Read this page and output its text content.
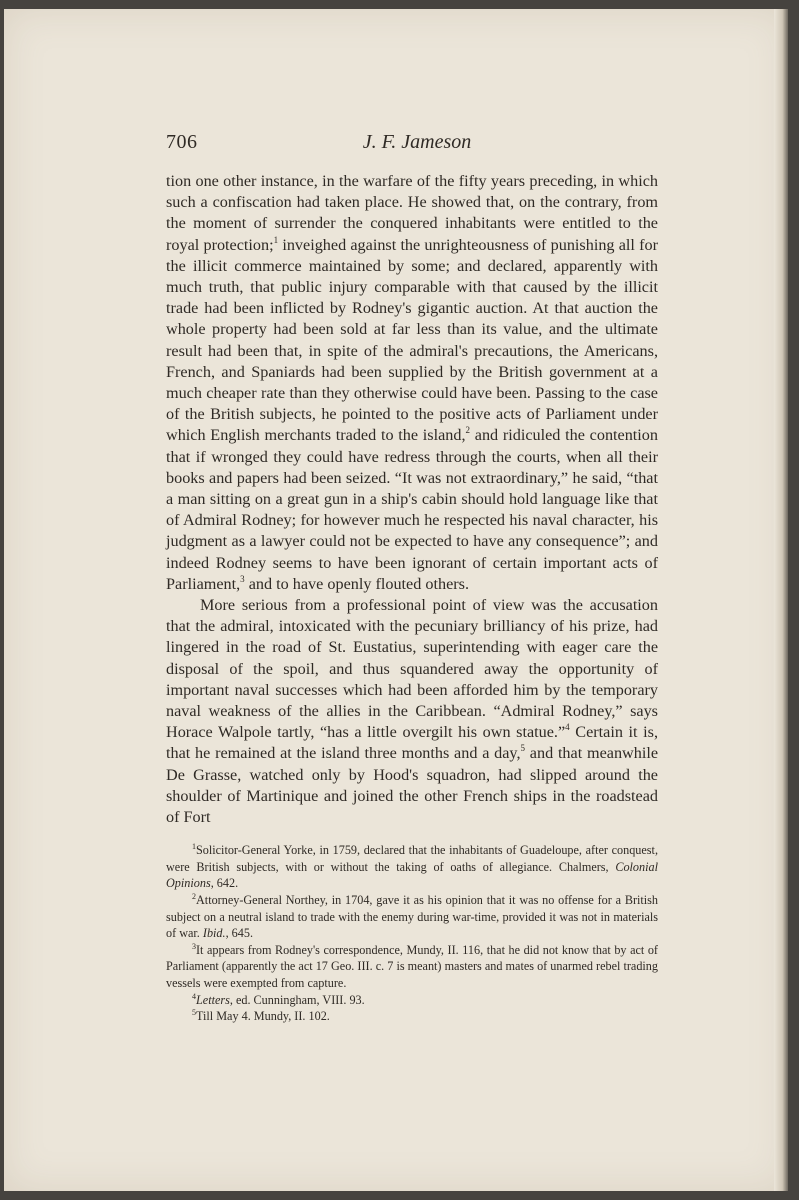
706	J. F. Jameson

tion one other instance, in the warfare of the fifty years preceding, in which such a confiscation had taken place. He showed that, on the contrary, from the moment of surrender the conquered inhabitants were entitled to the royal protection;$^1$ inveighed against the unrighteousness of punishing all for the illicit commerce maintained by some; and declared, apparently with much truth, that public injury comparable with that caused by the illicit trade had been inflicted by Rodney's gigantic auction. At that auction the whole property had been sold at far less than its value, and the ultimate result had been that, in spite of the admiral's precautions, the Americans, French, and Spaniards had been supplied by the British government at a much cheaper rate than they otherwise could have been. Passing to the case of the British subjects, he pointed to the positive acts of Parliament under which English merchants traded to the island,$^2$ and ridiculed the contention that if wronged they could have redress through the courts, when all their books and papers had been seized. “It was not extraordinary,” he said, “that a man sitting on a great gun in a ship's cabin should hold language like that of Admiral Rodney; for however much he respected his naval character, his judgment as a lawyer could not be expected to have any consequence”; and indeed Rodney seems to have been ignorant of certain important acts of Parliament,$^3$ and to have openly flouted others.

More serious from a professional point of view was the accusation that the admiral, intoxicated with the pecuniary brilliancy of his prize, had lingered in the road of St. Eustatius, superintending with eager care the disposal of the spoil, and thus squandered away the opportunity of important naval successes which had been afforded him by the temporary naval weakness of the allies in the Caribbean. “Admiral Rodney,” says Horace Walpole tartly, “has a little overgilt his own statue.”$^4$ Certain it is, that he remained at the island three months and a day,$^5$ and that meanwhile De Grasse, watched only by Hood's squadron, had slipped around the shoulder of Martinique and joined the other French ships in the roadstead of Fort

$^1$Solicitor-General Yorke, in 1759, declared that the inhabitants of Guadeloupe, after conquest, were British subjects, with or without the taking of oaths of allegiance. Chalmers, Colonial Opinions, 642.

$^2$Attorney-General Northey, in 1704, gave it as his opinion that it was no offense for a British subject on a neutral island to trade with the enemy during war-time, provided it was not in materials of war. Ibid., 645.

$^3$It appears from Rodney's correspondence, Mundy, II. 116, that he did not know that by act of Parliament (apparently the act 17 Geo. III. c. 7 is meant) masters and mates of unarmed rebel trading vessels were exempted from capture.

$^4$Letters, ed. Cunningham, VIII. 93.

$^5$Till May 4. Mundy, II. 102.
